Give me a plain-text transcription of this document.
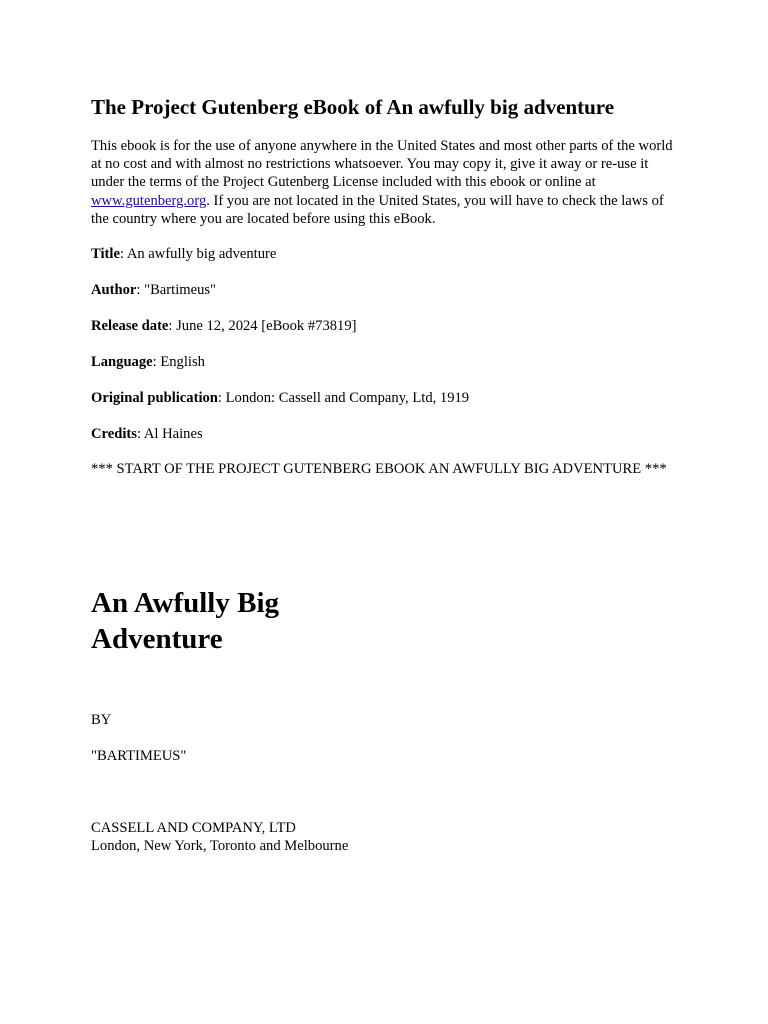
The Project Gutenberg eBook of An awfully big adventure

This ebook is for the use of anyone anywhere in the United States and most other parts of the world at no cost and with almost no restrictions whatsoever. You may copy it, give it away or re-use it under the terms of the Project Gutenberg License included with this ebook or online at www.gutenberg.org. If you are not located in the United States, you will have to check the laws of the country where you are located before using this eBook.

Title: An awfully big adventure

Author: "Bartimeus"

Release date: June 12, 2024 [eBook #73819]

Language: English

Original publication: London: Cassell and Company, Ltd, 1919

Credits: Al Haines

*** START OF THE PROJECT GUTENBERG EBOOK AN AWFULLY BIG ADVENTURE ***

An Awfully Big
Adventure

BY

"BARTIMEUS"

CASSELL AND COMPANY, LTD

London, New York, Toronto and Melbourne
